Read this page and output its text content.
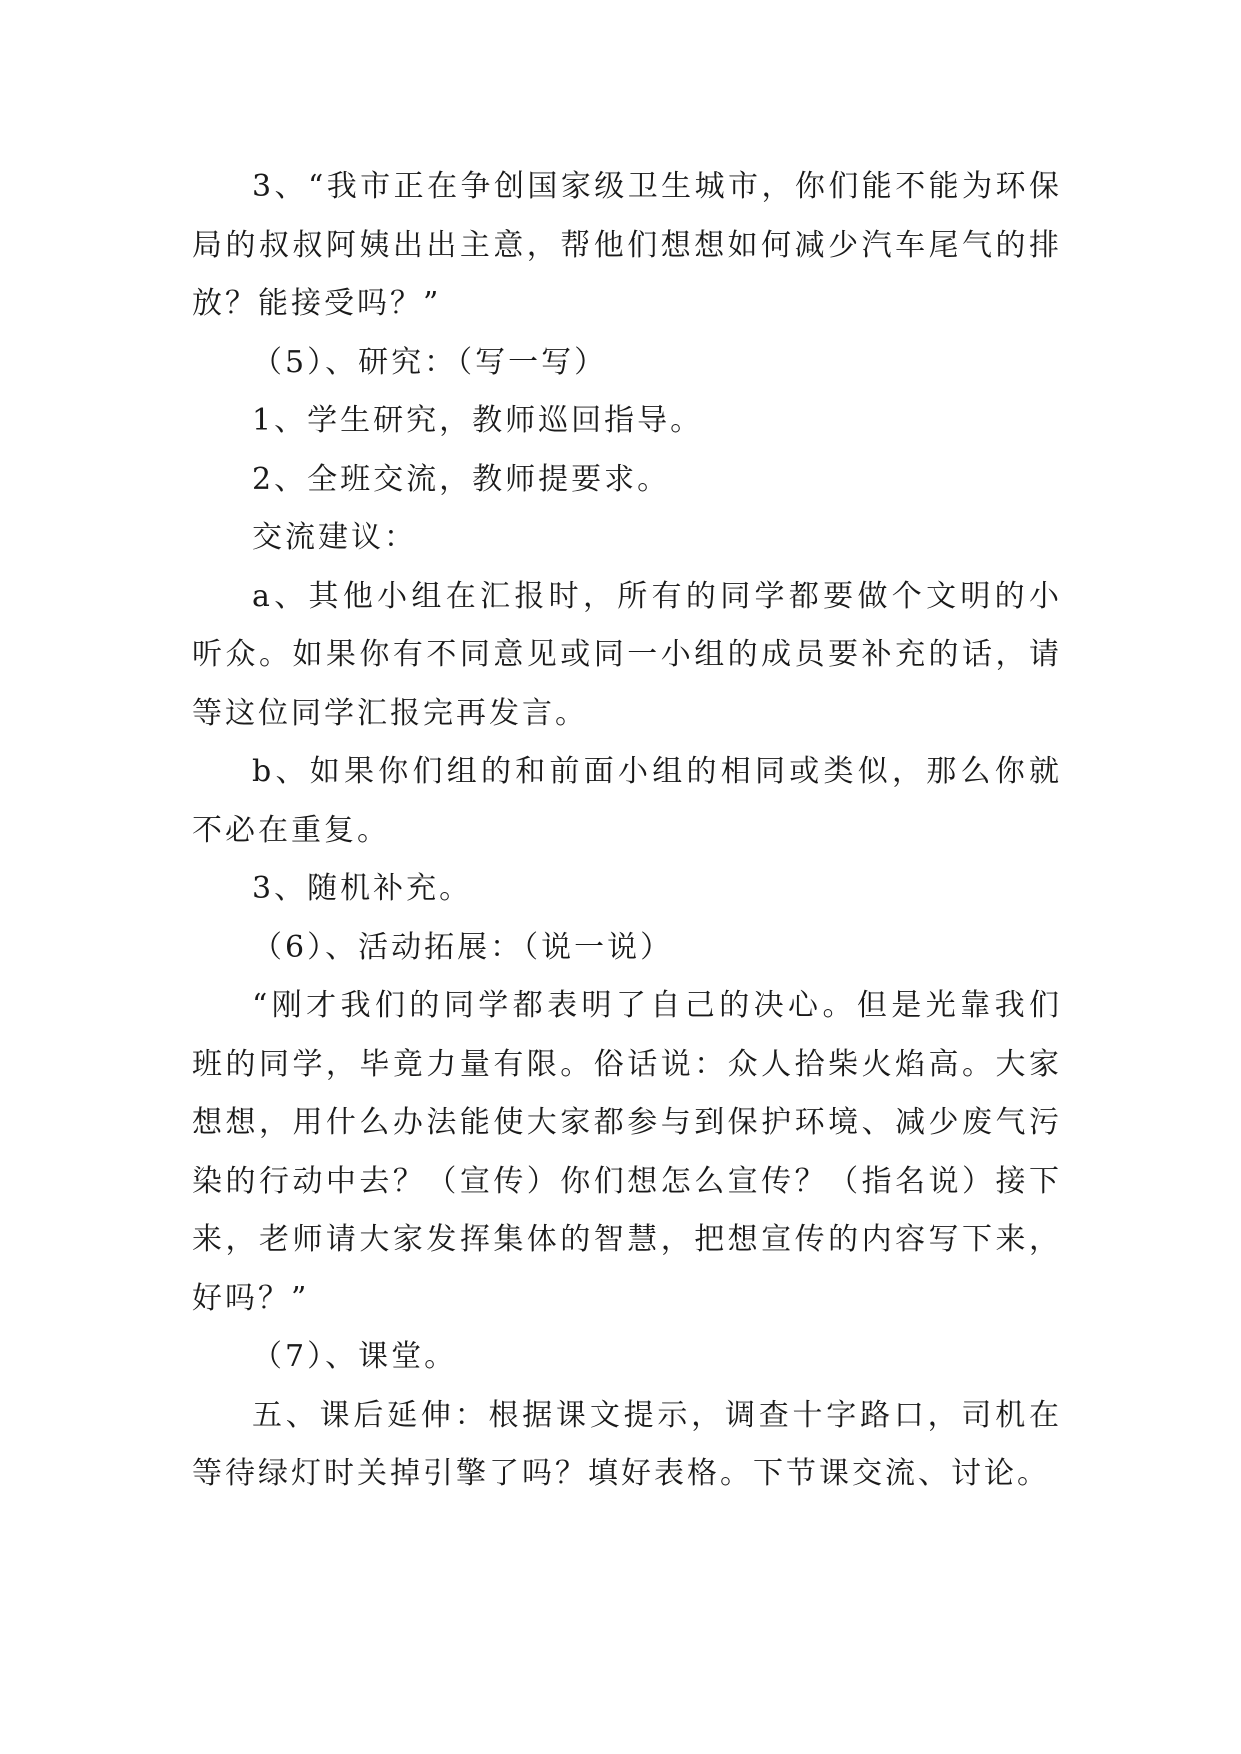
3、“我市正在争创国家级卫生城市，你们能不能为环保局的叔叔阿姨出出主意，帮他们想想如何减少汽车尾气的排放？能接受吗？”

（5）、研究：（写一写）

1、学生研究，教师巡回指导。

2、全班交流，教师提要求。

交流建议：

a、其他小组在汇报时，所有的同学都要做个文明的小听众。如果你有不同意见或同一小组的成员要补充的话，请等这位同学汇报完再发言。

b、如果你们组的和前面小组的相同或类似，那么你就不必在重复。

3、随机补充。

（6）、活动拓展：（说一说）

“刚才我们的同学都表明了自己的决心。但是光靠我们班的同学，毕竟力量有限。俗话说：众人拾柴火焰高。大家想想，用什么办法能使大家都参与到保护环境、减少废气污染的行动中去？（宣传）你们想怎么宣传？（指名说）接下来，老师请大家发挥集体的智慧，把想宣传的内容写下来，好吗？”

（7）、课堂。

五、课后延伸：根据课文提示，调查十字路口，司机在等待绿灯时关掉引擎了吗？填好表格。下节课交流、讨论。
